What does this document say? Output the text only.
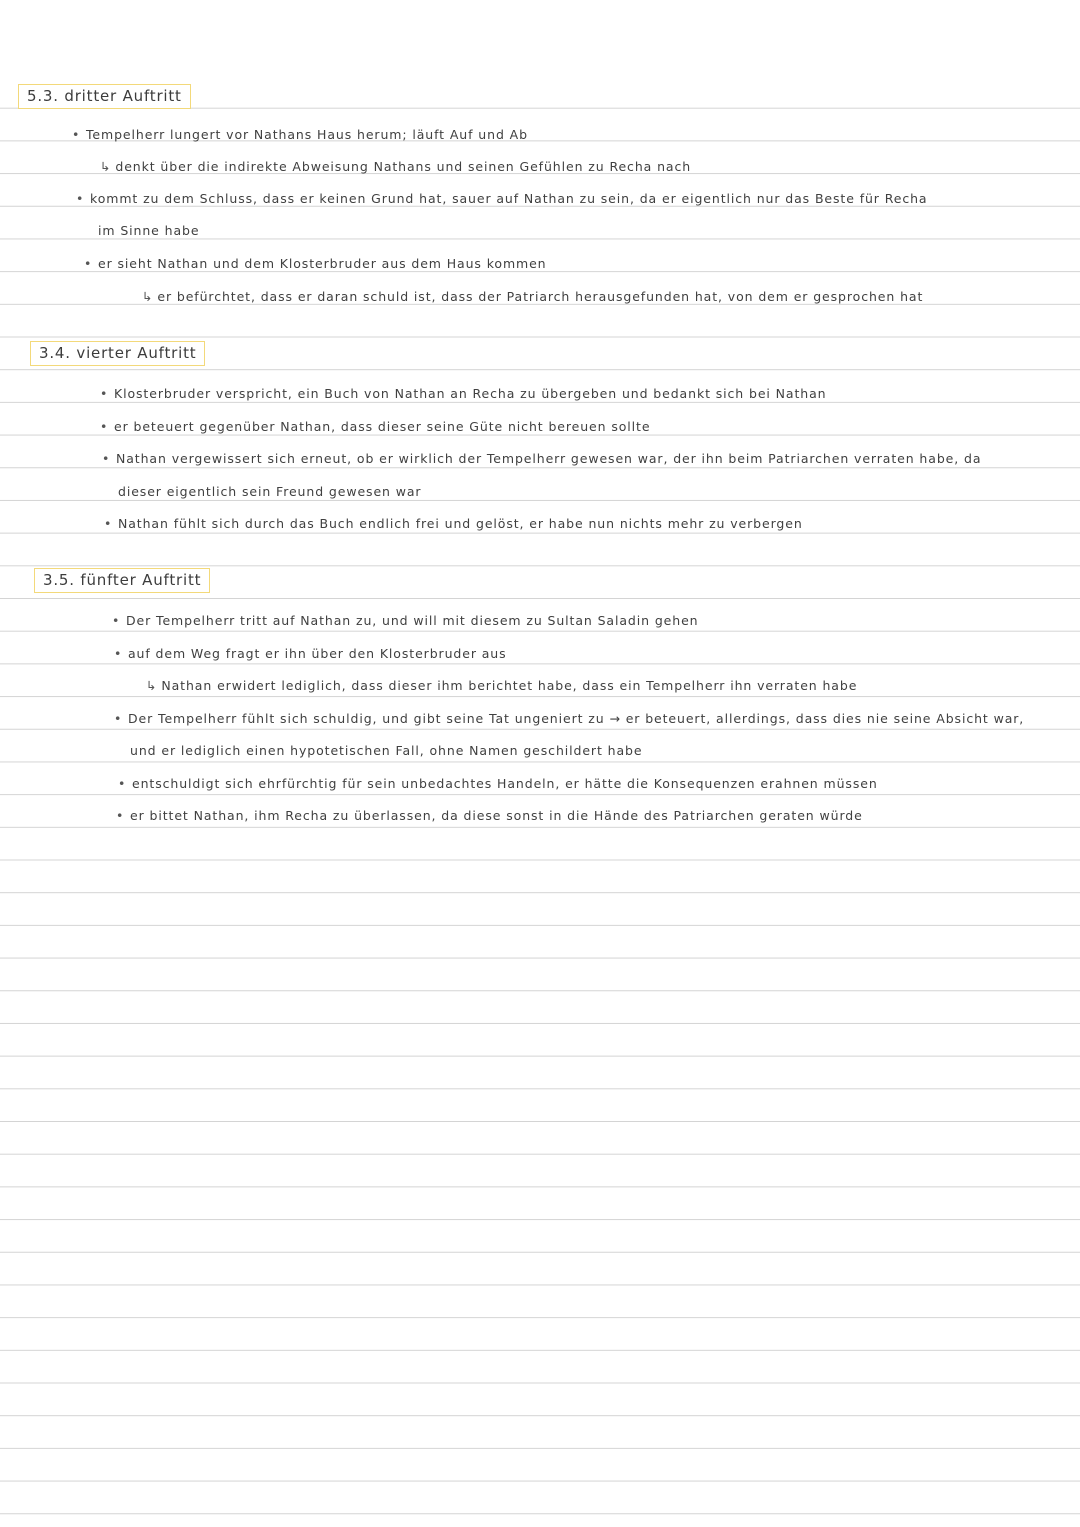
5.3. dritter Auftritt
• Tempelherr lungert vor Nathans Haus herum; läuft Auf und Ab
↳ denkt über die indirekte Abweisung Nathans und seinen Gefühlen zu Recha nach
• kommt zu dem Schluss, dass er keinen Grund hat, sauer auf Nathan zu sein, da er eigentlich nur das Beste für Recha
im Sinne habe
• er sieht Nathan und dem Klosterbruder aus dem Haus kommen
↳ er befürchtet, dass er daran schuld ist, dass der Patriarch herausgefunden hat, von dem er gesprochen hat
3.4. vierter Auftritt
• Klosterbruder verspricht, ein Buch von Nathan an Recha zu übergeben und bedankt sich bei Nathan
• er beteuert gegenüber Nathan, dass dieser seine Güte nicht bereuen sollte
• Nathan vergewissert sich erneut, ob er wirklich der Tempelherr gewesen war, der ihn beim Patriarchen verraten habe, da
dieser eigentlich sein Freund gewesen war
• Nathan fühlt sich durch das Buch endlich frei und gelöst, er habe nun nichts mehr zu verbergen
3.5. fünfter Auftritt
• Der Tempelherr tritt auf Nathan zu, und will mit diesem zu Sultan Saladin gehen
• auf dem Weg fragt er ihn über den Klosterbruder aus
↳ Nathan erwidert lediglich, dass dieser ihm berichtet habe, dass ein Tempelherr ihn verraten habe
• Der Tempelherr fühlt sich schuldig, und gibt seine Tat ungeniert zu → er beteuert, allerdings, dass dies nie seine Absicht war,
und er lediglich einen hypotetischen Fall, ohne Namen geschildert habe
• entschuldigt sich ehrfürchtig für sein unbedachtes Handeln, er hätte die Konsequenzen erahnen müssen
• er bittet Nathan, ihm Recha zu überlassen, da diese sonst in die Hände des Patriarchen geraten würde
